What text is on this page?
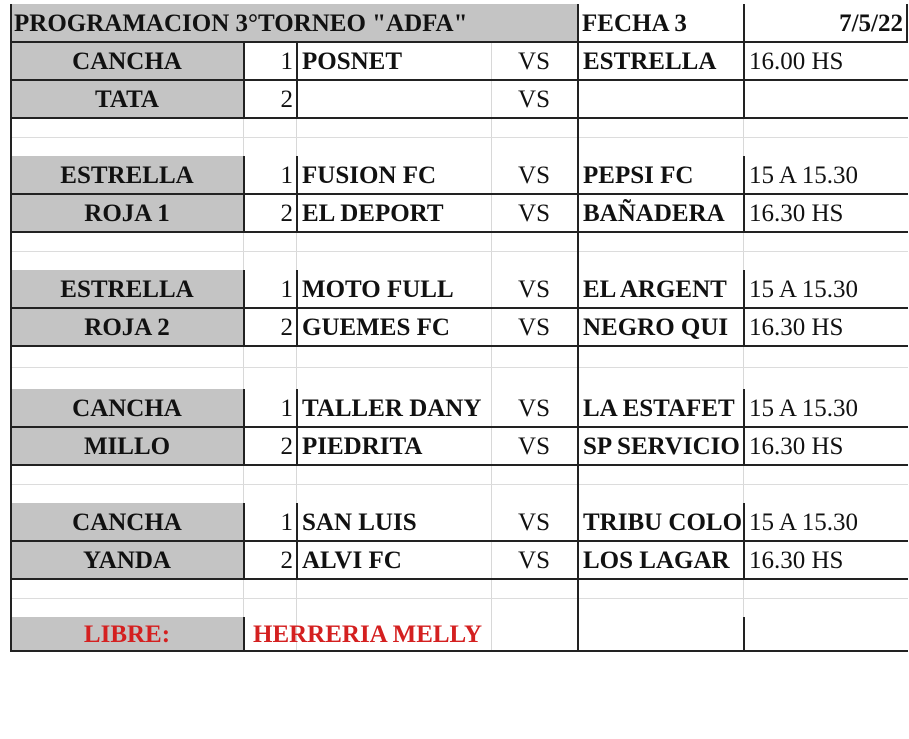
PROGRAMACION 3°TORNEO "ADFA"	FECHA 3	7/5/22
CANCHA	1 POSNET	VS	ESTRELLA	16.00 HS
TATA	2	VS
ESTRELLA	1 FUSION FC	VS	PEPSI FC	15 A 15.30
ROJA 1	2 EL DEPORT	VS	BAÑADERA 16.30 HS
ESTRELLA	1 MOTO FULL	VS	EL ARGENT 15 A 15.30
ROJA 2	2 GUEMES FC	VS	NEGRO QUI 16.30 HS
CANCHA	1 TALLER DANY	VS	LA ESTAFET 15 A 15.30
MILLO	2 PIEDRITA	VS	SP SERVICIO 16.30 HS
CANCHA	1 SAN LUIS	VS	TRIBU COLO 15 A 15.30
YANDA	2 ALVI FC	VS	LOS LAGAR 16.30 HS
LIBRE:	HERRERIA MELLY
